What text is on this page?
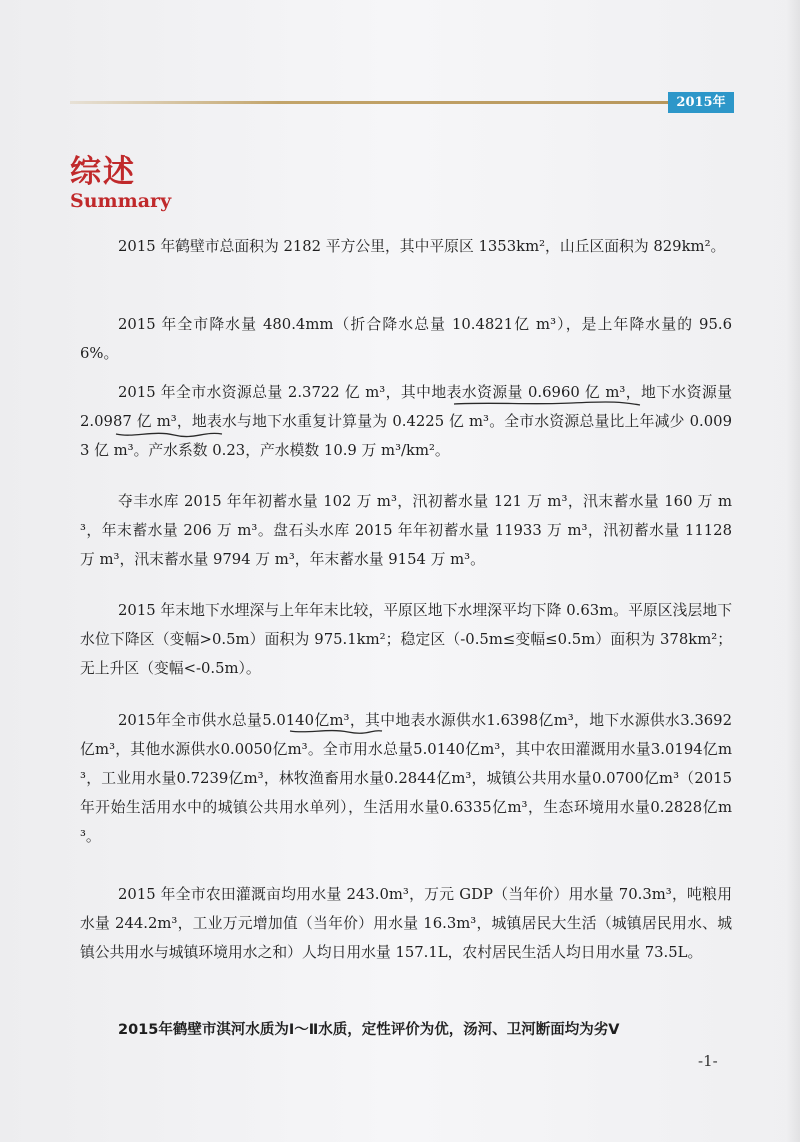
2015年
综述
Summary

2015 年鹤壁市总面积为 2182 平方公里，其中平原区 1353km²，山丘区面积为 829km²。

2015 年全市降水量 480.4mm（折合降水总量 10.4821亿 m³），是上年降水量的 95.66%。

2015 年全市水资源总量 2.3722 亿 m³，其中地表水资源量 0.6960 亿 m³，地下水资源量 2.0987 亿 m³，地表水与地下水重复计算量为 0.4225 亿 m³。全市水资源总量比上年减少 0.0093 亿 m³。产水系数 0.23，产水模数 10.9 万 m³/km²。

夺丰水库 2015 年年初蓄水量 102 万 m³，汛初蓄水量 121 万 m³，汛末蓄水量 160 万 m³，年末蓄水量 206 万 m³。盘石头水库 2015 年年初蓄水量 11933 万 m³，汛初蓄水量 11128 万 m³，汛末蓄水量 9794 万 m³，年末蓄水量 9154 万 m³。

2015 年末地下水埋深与上年年末比较，平原区地下水埋深平均下降 0.63m。平原区浅层地下水位下降区（变幅>0.5m）面积为 975.1km²；稳定区（-0.5m≤变幅≤0.5m）面积为 378km²；无上升区（变幅<-0.5m）。

2015年全市供水总量5.0140亿m³，其中地表水源供水1.6398亿m³，地下水源供水3.3692亿m³，其他水源供水0.0050亿m³。全市用水总量5.0140亿m³，其中农田灌溉用水量3.0194亿m³，工业用水量0.7239亿m³，林牧渔畜用水量0.2844亿m³，城镇公共用水量0.0700亿m³（2015年开始生活用水中的城镇公共用水单列），生活用水量0.6335亿m³，生态环境用水量0.2828亿m³。

2015 年全市农田灌溉亩均用水量 243.0m³，万元 GDP（当年价）用水量 70.3m³，吨粮用水量 244.2m³，工业万元增加值（当年价）用水量 16.3m³，城镇居民大生活（城镇居民用水、城镇公共用水与城镇环境用水之和）人均日用水量 157.1L，农村居民生活人均日用水量 73.5L。

2015年鹤壁市淇河水质为Ⅰ～Ⅱ水质，定性评价为优，汤河、卫河断面均为劣Ⅴ

-1-
